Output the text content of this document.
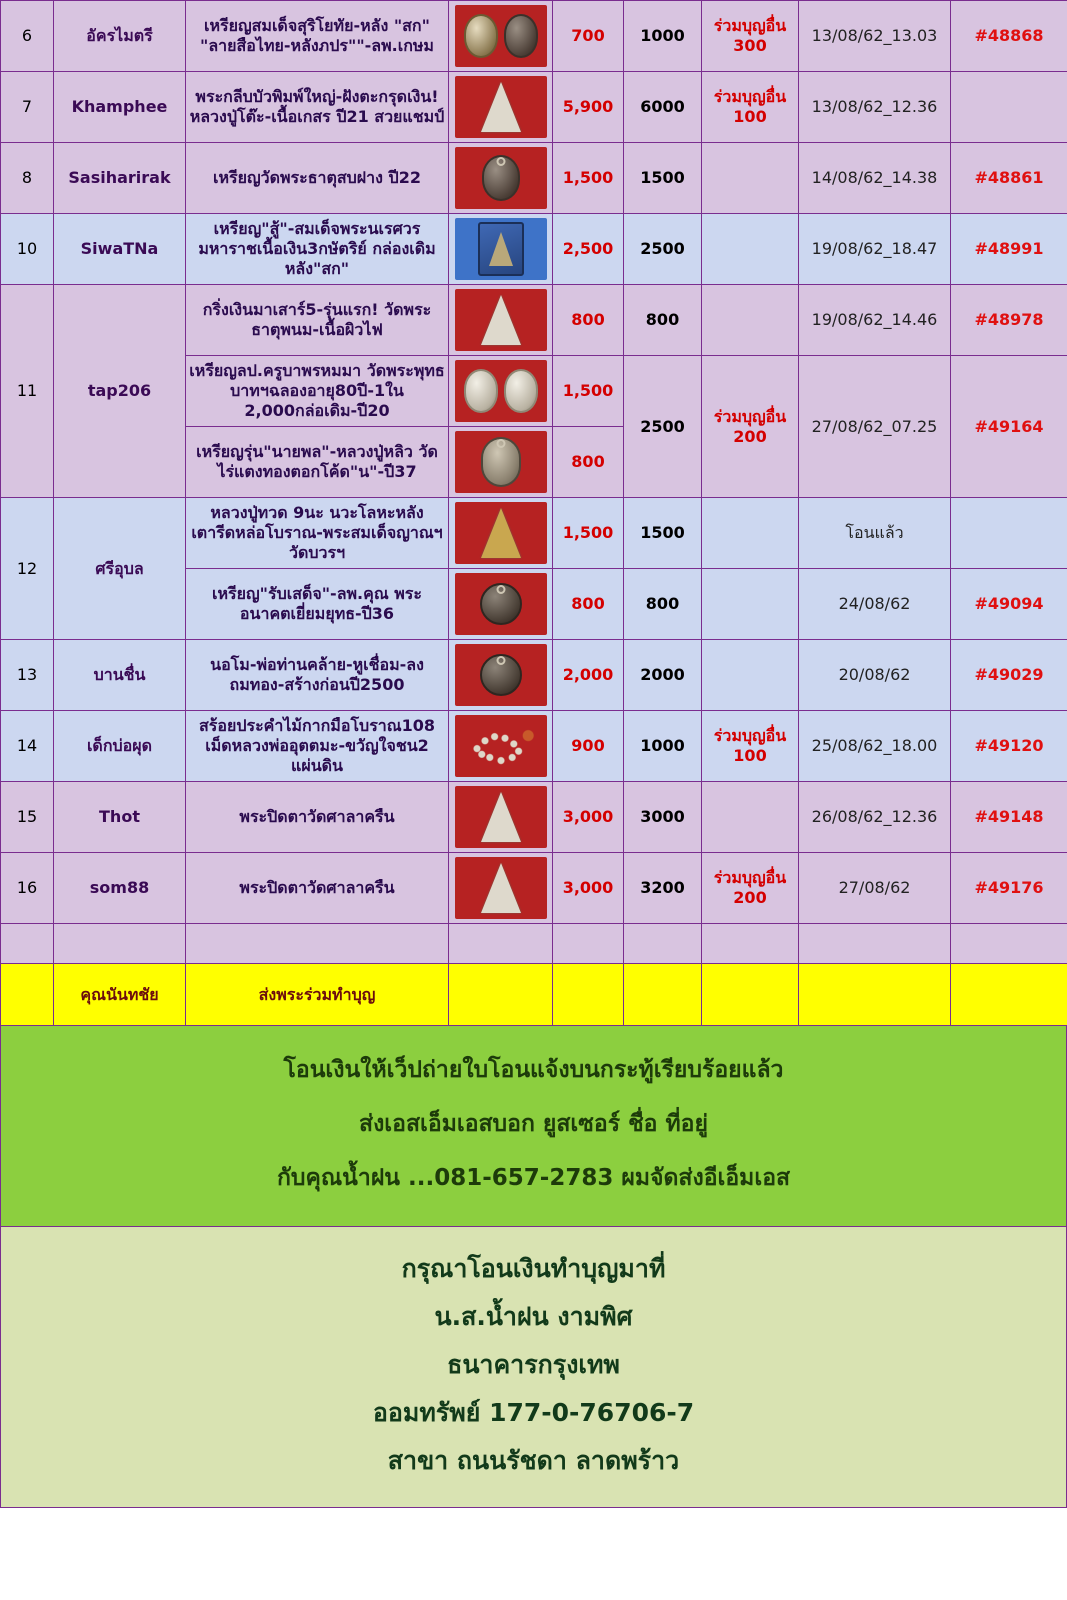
6	อัครไมตรี	เหรียญสมเด็จสุริโยทัย-หลัง "สก" "ลายสือไทย-หลังภปร""-ลพ.เกษม		700	1000	ร่วมบุญอื่น 300	13/08/62_13.03	#48868
7	Khamphee	พระกลีบบัวพิมพ์ใหญ่-ฝังตะกรุดเงิน!หลวงปู่โต๊ะ-เนื้อเกสร ปี21 สวยแชมป์		5,900	6000	ร่วมบุญอื่น 100	13/08/62_12.36	
8	Sasiharirak	เหรียญวัดพระธาตุสบฝาง ปี22		1,500	1500		14/08/62_14.38	#48861
10	SiwaTNa	เหรียญ"สู้"-สมเด็จพระนเรศวรมหาราชเนื้อเงิน3กษัตริย์ กล่องเดิมหลัง"สก"		2,500	2500		19/08/62_18.47	#48991
11	tap206	กริ่งเงินมาเสาร์5-รุ่นแรก! วัดพระธาตุพนม-เนื้อผิวไฟ		800	800		19/08/62_14.46	#48978
		เหรียญลป.ครูบาพรหมมา วัดพระพุทธบาทฯฉลองอายุ80ปี-1ใน 2,000กล่อเดิม-ปี20		1,500	2500	ร่วมบุญอื่น 200	27/08/62_07.25	#49164
		เหรียญรุ่น"นายพล"-หลวงปู่หลิว วัดไร่แตงทองตอกโค้ด"น"-ปี37		800				
12	ศรีอุบล	หลวงปู่ทวด 9นะ นวะโลหะหลังเตารีดหล่อโบราณ-พระสมเด็จญาณฯ วัดบวรฯ		1,500	1500		โอนแล้ว	
		เหรียญ"รับเสด็จ"-ลพ.คุณ พระอนาคตเยี่ยมยุทธ-ปี36		800	800		24/08/62	#49094
13	บานชื่น	นอโม-พ่อท่านคล้าย-หูเชื่อม-ลงถมทอง-สร้างก่อนปี2500		2,000	2000		20/08/62	#49029
14	เด็กบ่อผุด	สร้อยประคำไม้กากมือโบราณ108 เม็ดหลวงพ่ออุตตมะ-ขวัญใจชน2 แผ่นดิน		900	1000	ร่วมบุญอื่น 100	25/08/62_18.00	#49120
15	Thot	พระปิดตาวัดศาลาครืน		3,000	3000		26/08/62_12.36	#49148
16	som88	พระปิดตาวัดศาลาครืน		3,000	3200	ร่วมบุญอื่น 200	27/08/62	#49176

	คุณนันทชัย	ส่งพระร่วมทำบุญ						

โอนเงินให้เว็ปถ่ายใบโอนแจ้งบนกระทู้เรียบร้อยแล้ว

ส่งเอสเอ็มเอสบอก ยูสเซอร์ ชื่อ ที่อยู่

กับคุณน้ำฝน ...081-657-2783 ผมจัดส่งอีเอ็มเอส

กรุณาโอนเงินทำบุญมาที่

น.ส.น้ำฝน งามพิศ

ธนาคารกรุงเทพ

ออมทรัพย์ 177-0-76706-7

สาขา ถนนรัชดา ลาดพร้าว
